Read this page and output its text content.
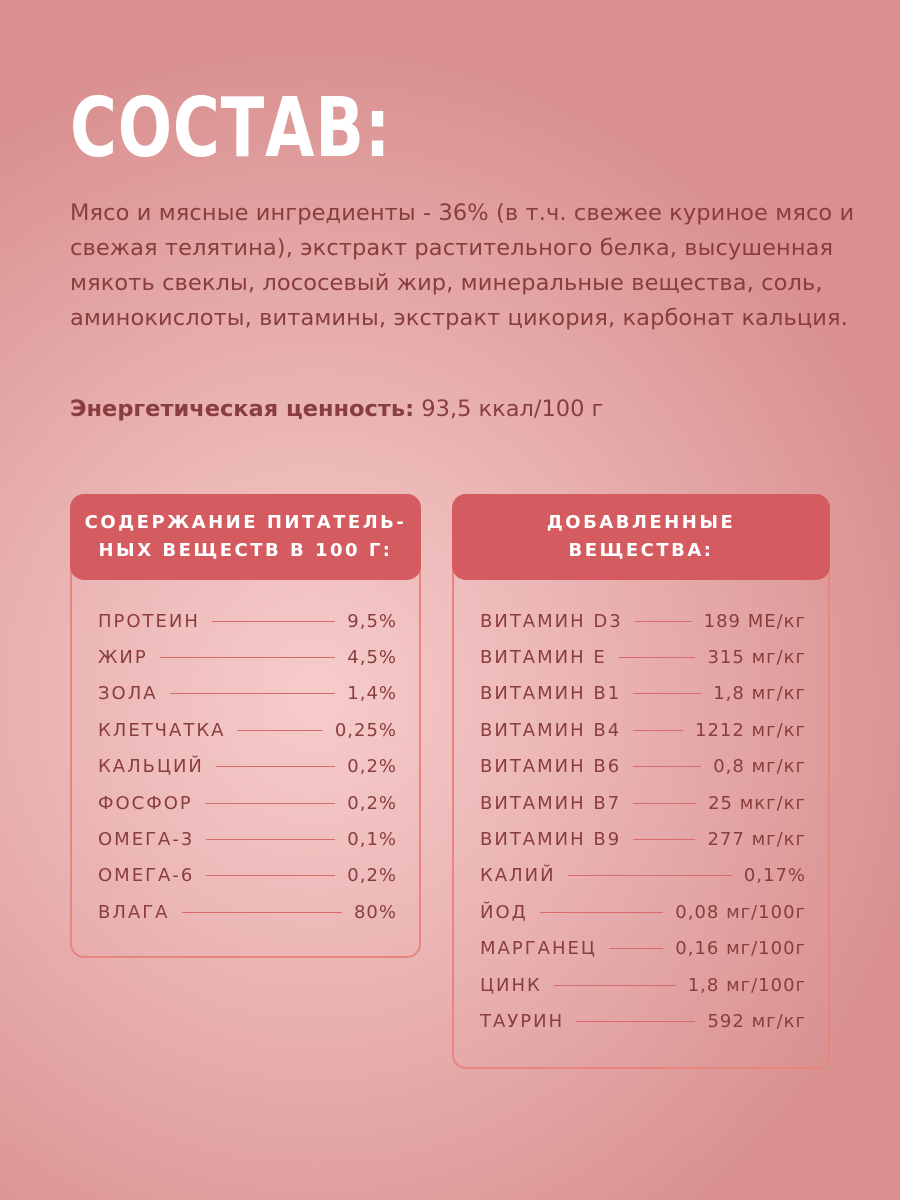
СОСТАВ:

Мясо и мясные ингредиенты - 36% (в т.ч. свежее куриное мясо и свежая телятина), экстракт растительного белка, высушенная мякоть свеклы, лососевый жир, минеральные вещества, соль, аминокислоты, витамины, экстракт цикория, карбонат кальция.

Энергетическая ценность: 93,5 ккал/100 г

СОДЕРЖАНИЕ ПИТАТЕЛЬ-
НЫХ ВЕЩЕСТВ В 100 Г:
ПРОТЕИН	9,5%
ЖИР	4,5%
ЗОЛА	1,4%
КЛЕТЧАТКА	0,25%
КАЛЬЦИЙ	0,2%
ФОСФОР	0,2%
ОМЕГА-3	0,1%
ОМЕГА-6	0,2%
ВЛАГА	80%
ДОБАВЛЕННЫЕ
ВЕЩЕСТВА:
ВИТАМИН D3	189 МЕ/кг
ВИТАМИН Е	315 мг/кг
ВИТАМИН B1	1,8 мг/кг
ВИТАМИН B4	1212 мг/кг
ВИТАМИН B6	0,8 мг/кг
ВИТАМИН B7	25 мкг/кг
ВИТАМИН B9	277 мг/кг
КАЛИЙ	0,17%
ЙОД	0,08 мг/100г
МАРГАНЕЦ	0,16 мг/100г
ЦИНК	1,8 мг/100г
ТАУРИН	592 мг/кг
